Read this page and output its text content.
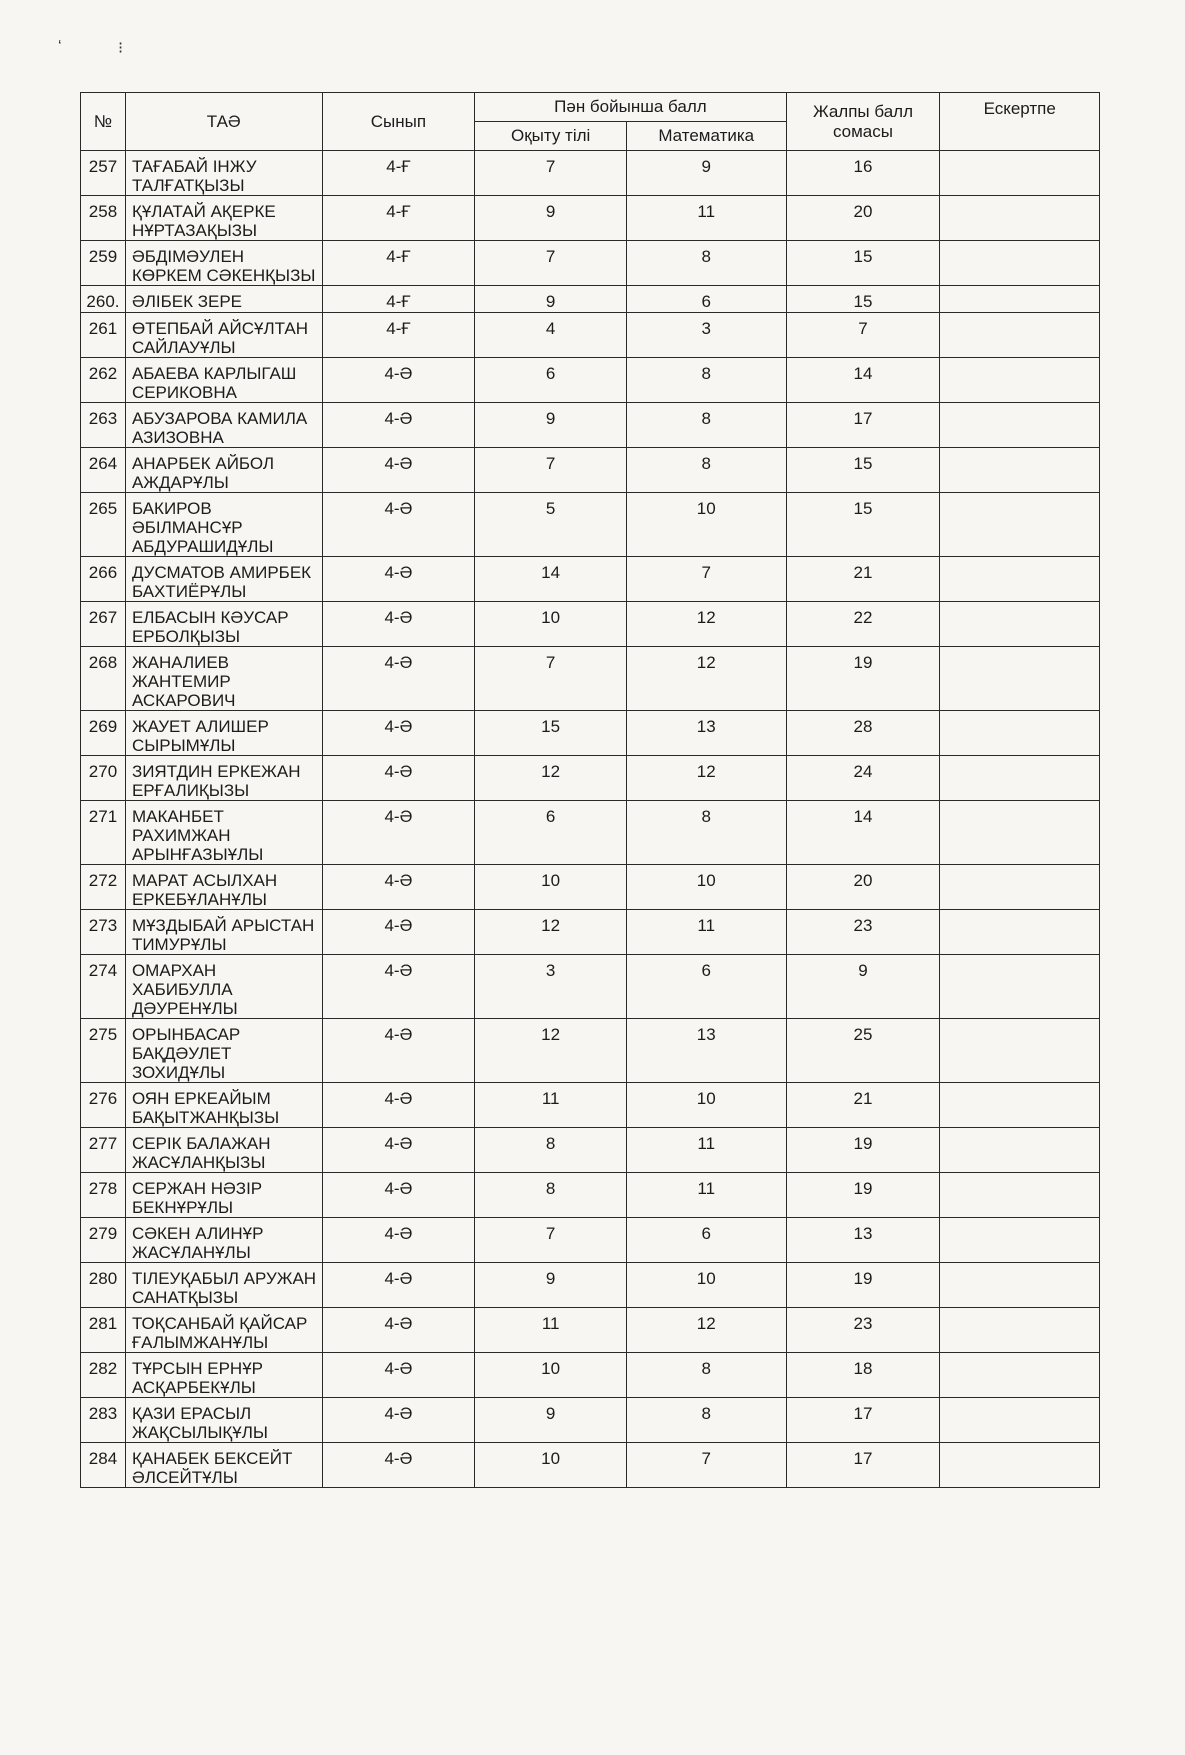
‘	⁝
№	ТАӘ	Сынып	Пән бойынша балл		Жалпы балл сомасы	Ескертпе
			Оқыту тілі	Математика		
257	ТАҒАБАЙ ІНЖУ ТАЛҒАТҚЫЗЫ	4-Ғ	7	9	16	
258	ҚҰЛАТАЙ АҚЕРКЕ НҰРТАЗАҚЫЗЫ	4-Ғ	9	11	20	
259	ӘБДІМӘУЛЕН КӨРКЕМ СӘКЕНҚЫЗЫ	4-Ғ	7	8	15	
260.	ӘЛІБЕК ЗЕРЕ	4-Ғ	9	6	15	
261	ӨТЕПБАЙ АЙСҰЛТАН САЙЛАУҰЛЫ	4-Ғ	4	3	7	
262	АБАЕВА КАРЛЫГАШ СЕРИКОВНА	4-Ә	6	8	14	
263	АБУЗАРОВА КАМИЛА АЗИЗОВНА	4-Ә	9	8	17	
264	АНАРБЕК АЙБОЛ АЖДАРҰЛЫ	4-Ә	7	8	15	
265	БАКИРОВ ӘБІЛМАНСҰР АБДУРАШИДҰЛЫ	4-Ә	5	10	15	
266	ДУСМАТОВ АМИРБЕК БАХТИЁРҰЛЫ	4-Ә	14	7	21	
267	ЕЛБАСЫН КӘУСАР ЕРБОЛҚЫЗЫ	4-Ә	10	12	22	
268	ЖАНАЛИЕВ ЖАНТЕМИР АСКАРОВИЧ	4-Ә	7	12	19	
269	ЖАУЕТ АЛИШЕР СЫРЫМҰЛЫ	4-Ә	15	13	28	
270	ЗИЯТДИН ЕРКЕЖАН ЕРҒАЛИҚЫЗЫ	4-Ә	12	12	24	
271	МАКАНБЕТ РАХИМЖАН АРЫНҒАЗЫҰЛЫ	4-Ә	6	8	14	
272	МАРАТ АСЫЛХАН ЕРКЕБҰЛАНҰЛЫ	4-Ә	10	10	20	
273	МҰЗДЫБАЙ АРЫСТАН ТИМУРҰЛЫ	4-Ә	12	11	23	
274	ОМАРХАН ХАБИБУЛЛА ДӘУРЕНҰЛЫ	4-Ә	3	6	9	
275	ОРЫНБАСАР БАҚДӘУЛЕТ ЗОХИДҰЛЫ	4-Ә	12	13	25	
276	ОЯН ЕРКЕАЙЫМ БАҚЫТЖАНҚЫЗЫ	4-Ә	11	10	21	
277	СЕРІК БАЛАЖАН ЖАСҰЛАНҚЫЗЫ	4-Ә	8	11	19	
278	СЕРЖАН НӘЗІР БЕКНҰРҰЛЫ	4-Ә	8	11	19	
279	СӘКЕН АЛИНҰР ЖАСҰЛАНҰЛЫ	4-Ә	7	6	13	
280	ТІЛЕУҚАБЫЛ АРУЖАН САНАТҚЫЗЫ	4-Ә	9	10	19	
281	ТОҚСАНБАЙ ҚАЙСАР ҒАЛЫМЖАНҰЛЫ	4-Ә	11	12	23	
282	ТҰРСЫН ЕРНҰР АСҚАРБЕКҰЛЫ	4-Ә	10	8	18	
283	ҚАЗИ ЕРАСЫЛ ЖАҚСЫЛЫҚҰЛЫ	4-Ә	9	8	17	
284	ҚАНАБЕК БЕКСЕЙТ ӘЛСЕЙТҰЛЫ	4-Ә	10	7	17	
